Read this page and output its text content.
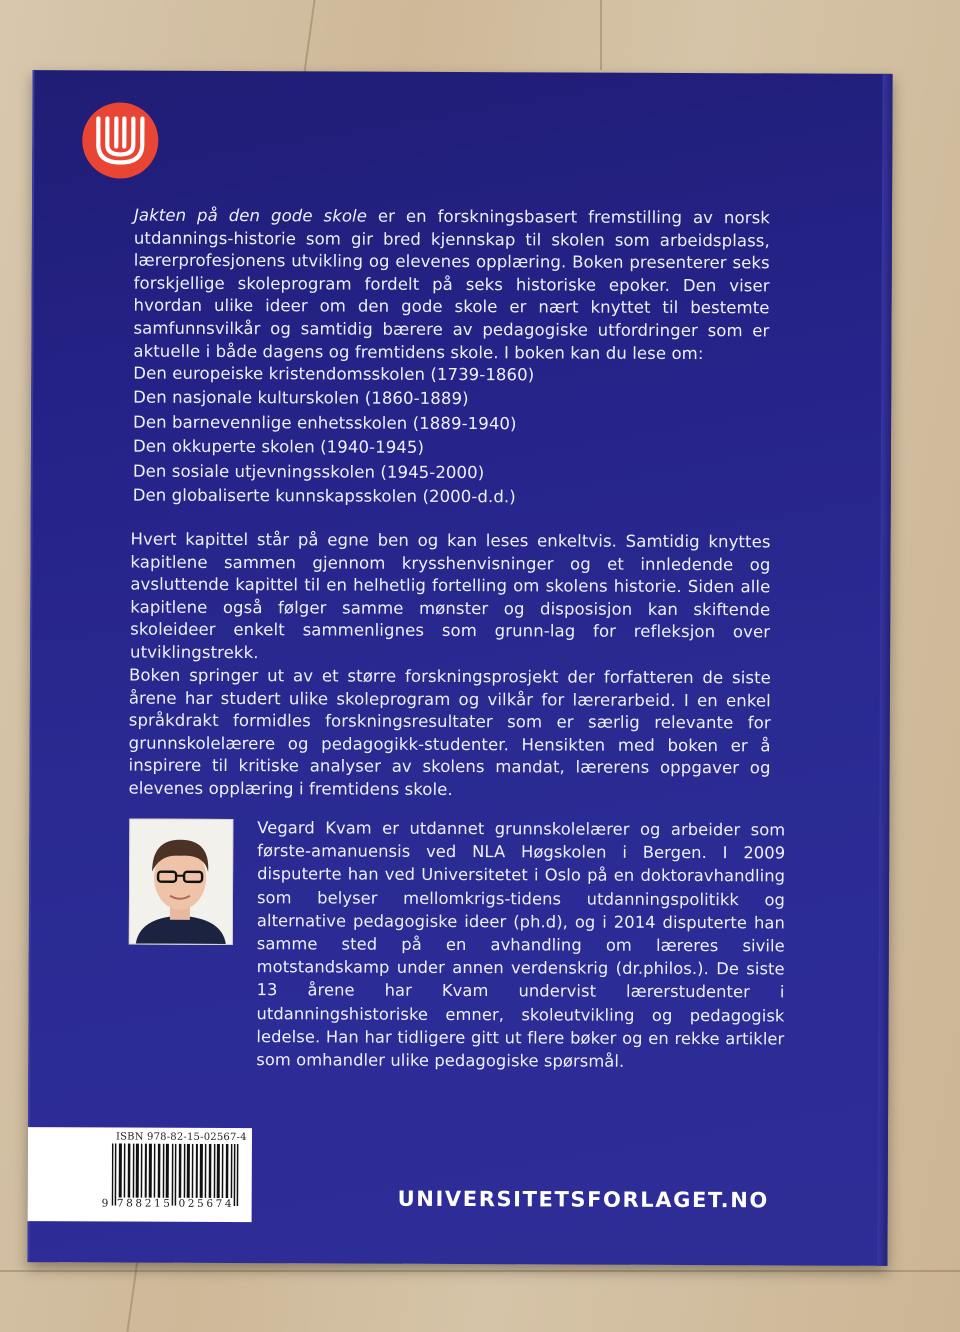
Jakten på den gode skole er en forskningsbasert fremstilling av norsk utdannings-historie som gir bred kjennskap til skolen som arbeidsplass, lærerprofesjonens utvikling og elevenes opplæring. Boken presenterer seks forskjellige skoleprogram fordelt på seks historiske epoker. Den viser hvordan ulike ideer om den gode skole er nært knyttet til bestemte samfunnsvilkår og samtidig bærere av pedagogiske utfordringer som er aktuelle i både dagens og fremtidens skole. I boken kan du lese om:

Den europeiske kristendomsskolen (1739-1860)
Den nasjonale kulturskolen (1860-1889)
Den barnevennlige enhetsskolen (1889-1940)
Den okkuperte skolen (1940-1945)
Den sosiale utjevningsskolen (1945-2000)
Den globaliserte kunnskapsskolen (2000-d.d.)

Hvert kapittel står på egne ben og kan leses enkeltvis. Samtidig knyttes kapitlene sammen gjennom krysshenvisninger og et innledende og avsluttende kapittel til en helhetlig fortelling om skolens historie. Siden alle kapitlene også følger samme mønster og disposisjon kan skiftende skoleideer enkelt sammenlignes som grunn-lag for refleksjon over utviklingstrekk.

Boken springer ut av et større forskningsprosjekt der forfatteren de siste årene har studert ulike skoleprogram og vilkår for lærerarbeid. I en enkel språkdrakt formidles forskningsresultater som er særlig relevante for grunnskolelærere og pedagogikk-studenter. Hensikten med boken er å inspirere til kritiske analyser av skolens mandat, lærerens oppgaver og elevenes opplæring i fremtidens skole.

Vegard Kvam er utdannet grunnskolelærer og arbeider som første-amanuensis ved NLA Høgskolen i Bergen. I 2009 disputerte han ved Universitetet i Oslo på en doktoravhandling som belyser mellomkrigs-tidens utdanningspolitikk og alternative pedagogiske ideer (ph.d), og i 2014 disputerte han samme sted på en avhandling om læreres sivile motstandskamp under annen verdenskrig (dr.philos.). De siste 13 årene har Kvam undervist lærerstudenter i utdanningshistoriske emner, skoleutvikling og pedagogisk ledelse. Han har tidligere gitt ut flere bøker og en rekke artikler som omhandler ulike pedagogiske spørsmål.

ISBN 978-82-15-02567-4
9 788215 025674	UNIVERSITETSFORLAGET.NO
